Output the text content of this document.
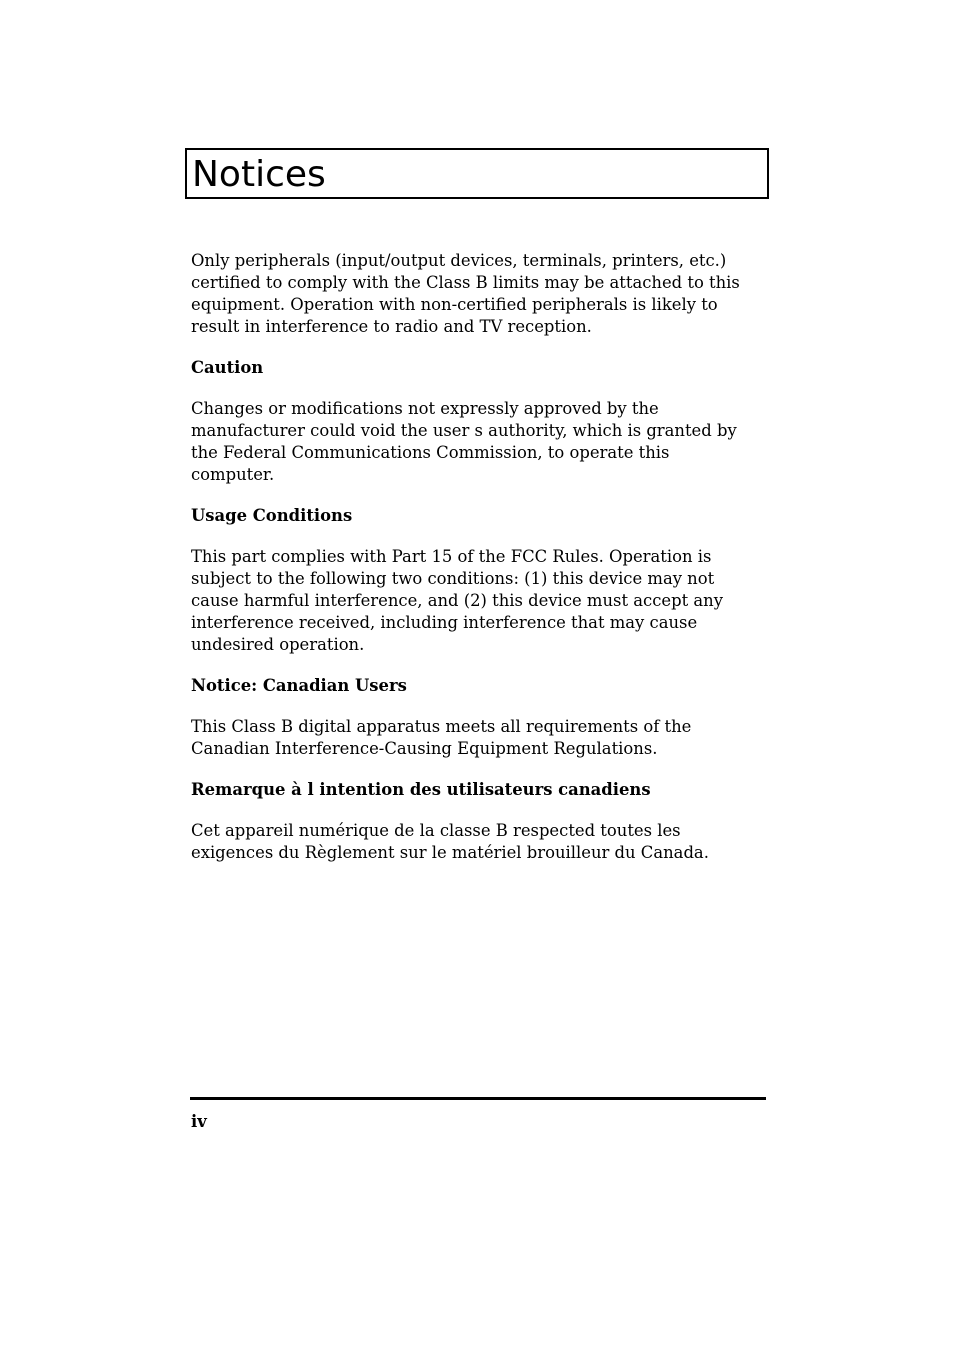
Notices

Only peripherals (input/output devices, terminals, printers, etc.)
certified to comply with the Class B limits may be attached to this
equipment. Operation with non-certified peripherals is likely to
result in interference to radio and TV reception.

Caution

Changes or modifications not expressly approved by the
manufacturer could void the user s authority, which is granted by
the Federal Communications Commission, to operate this
computer.

Usage Conditions

This part complies with Part 15 of the FCC Rules. Operation is
subject to the following two conditions: (1) this device may not
cause harmful interference, and (2) this device must accept any
interference received, including interference that may cause
undesired operation.

Notice: Canadian Users

This Class B digital apparatus meets all requirements of the
Canadian Interference-Causing Equipment Regulations.

Remarque à l intention des utilisateurs canadiens

Cet appareil numérique de la classe B respected toutes les
exigences du Règlement sur le matériel brouilleur du Canada.

iv
